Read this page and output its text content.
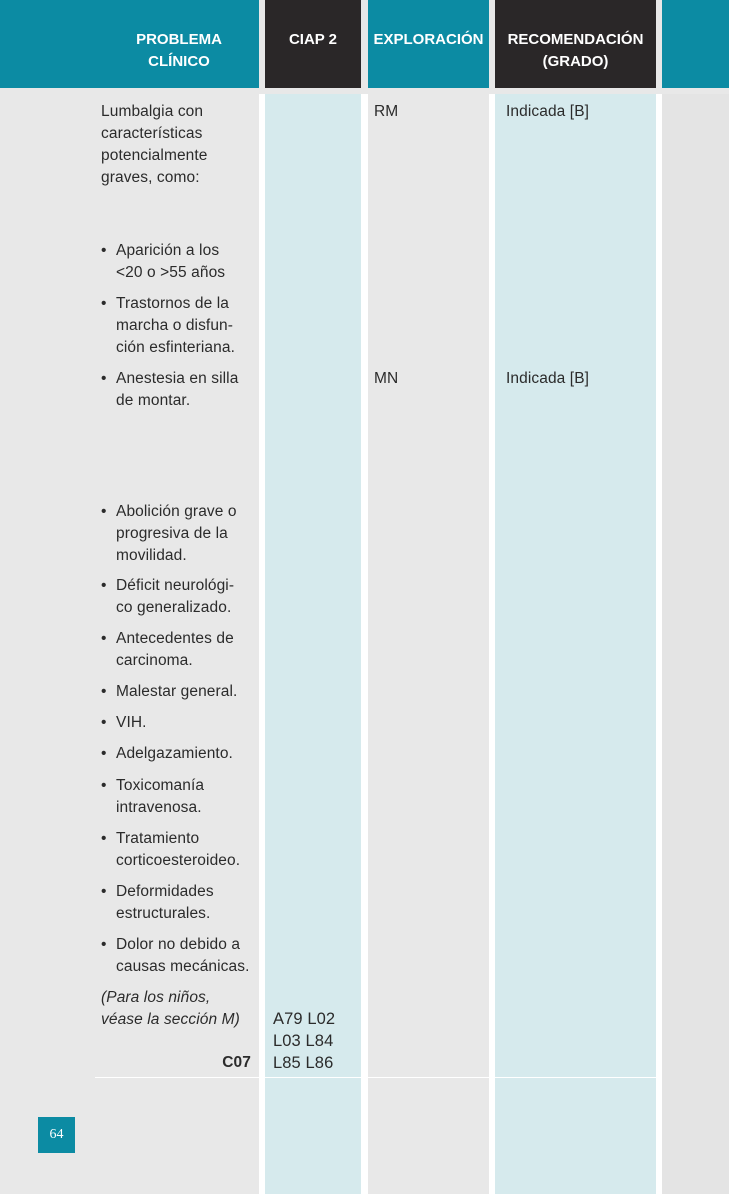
PROBLEMA
CLÍNICO
CIAP 2	EXPLORACIÓN	RECOMENDACIÓN
(GRADO)
Lumbalgia con
características
potencialmente
graves, como:
• Aparición a los
<20 o >55 años
• Trastornos de la
marcha o disfun-
ción esfinteriana.
• Anestesia en silla
de montar.
• Abolición grave o
progresiva de la
movilidad.
• Déficit neurológi-
co generalizado.
• Antecedentes de
carcinoma.
• Malestar general.
• VIH.
• Adelgazamiento.
• Toxicomanía
intravenosa.
• Tratamiento
corticoesteroideo.
• Deformidades
estructurales.
• Dolor no debido a
causas mecánicas.
(Para los niños,
véase la sección M)
C07
A79 L02
L03 L84
L85 L86
RM
MN
Indicada [B]
Indicada [B]
64
